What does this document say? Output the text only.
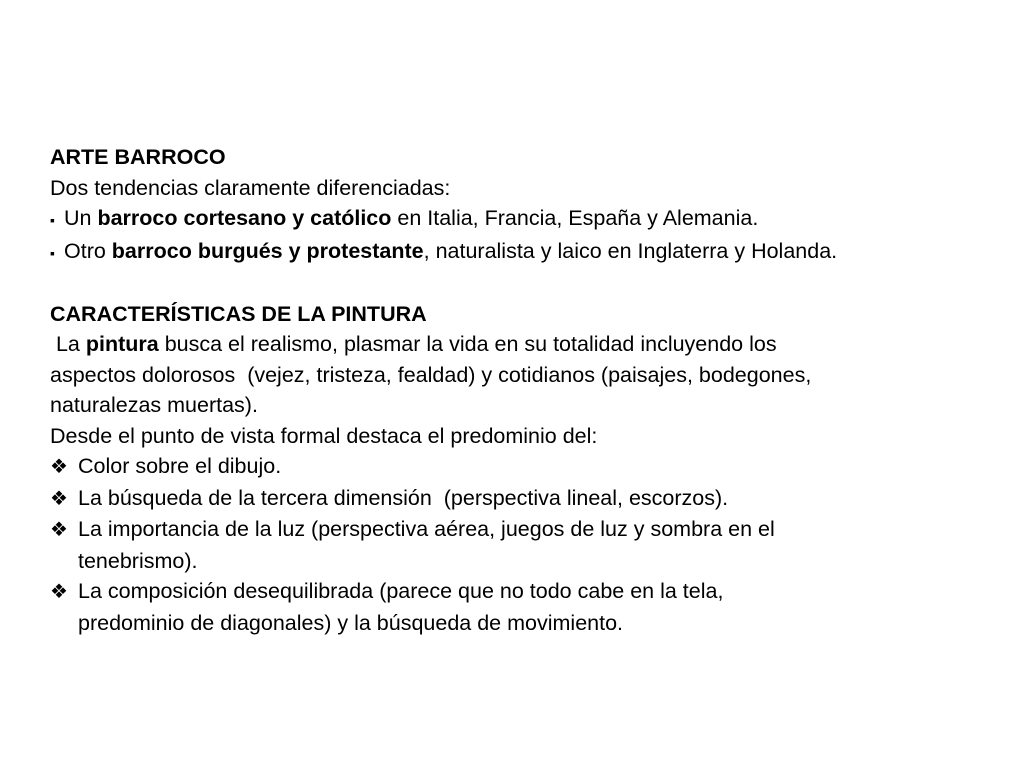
ARTE BARROCO
Dos tendencias claramente diferenciadas:
▪ Un barroco cortesano y católico en Italia, Francia, España y Alemania.
▪ Otro barroco burgués y protestante, naturalista y laico en Inglaterra y Holanda.
CARACTERÍSTICAS DE LA PINTURA
La pintura busca el realismo, plasmar la vida en su totalidad incluyendo los
aspectos dolorosos  (vejez, tristeza, fealdad) y cotidianos (paisajes, bodegones,
naturalezas muertas).
Desde el punto de vista formal destaca el predominio del:
❖ Color sobre el dibujo.
❖ La búsqueda de la tercera dimensión  (perspectiva lineal, escorzos).
❖ La importancia de la luz (perspectiva aérea, juegos de luz y sombra en el
tenebrismo).
❖ La composición desequilibrada (parece que no todo cabe en la tela,
predominio de diagonales) y la búsqueda de movimiento.
